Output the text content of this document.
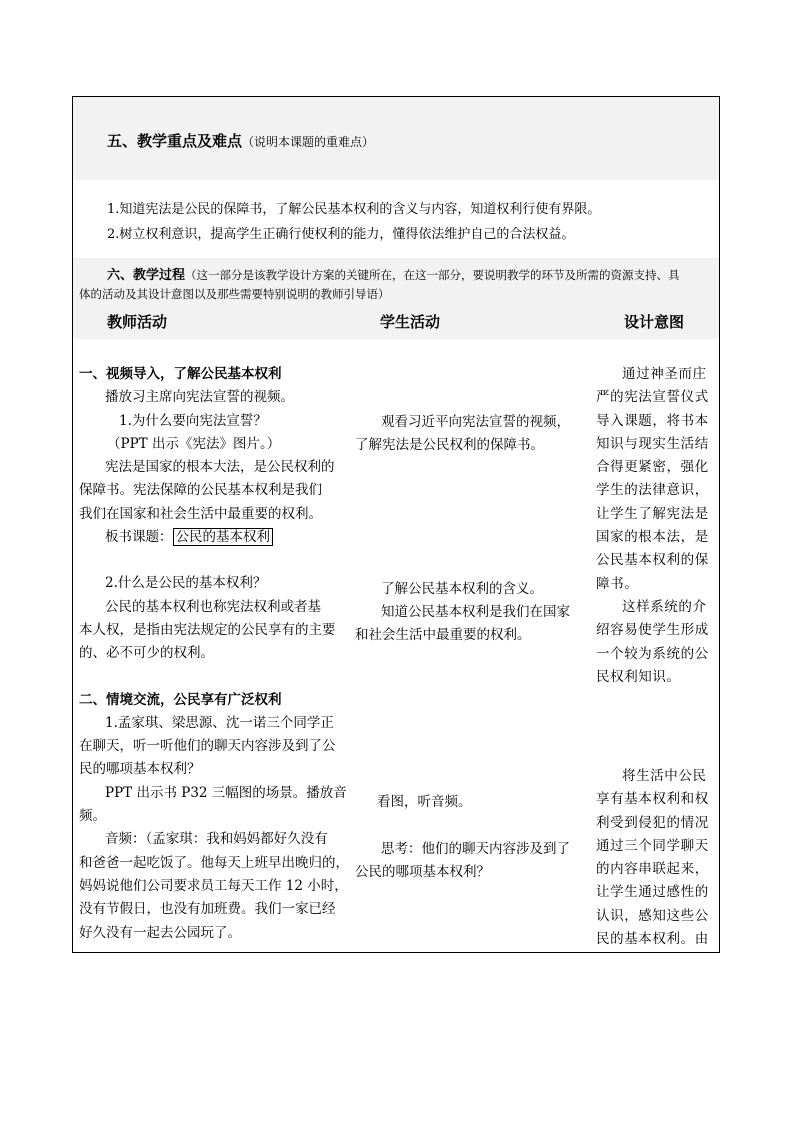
五、教学重点及难点（说明本课题的重难点）
1.知道宪法是公民的保障书，了解公民基本权利的含义与内容，知道权利行使有界限。
2.树立权利意识，提高学生正确行使权利的能力，懂得依法维护自己的合法权益。
六、教学过程（这一部分是该教学设计方案的关键所在，在这一部分，要说明教学的环节及所需的资源支持、具
体的活动及其设计意图以及那些需要特别说明的教师引导语）
教师活动	学生活动	设计意图

一、视频导入，了解公民基本权利

播放习主席向宪法宣誓的视频。

1.为什么要向宪法宣誓？

（PPT 出示《宪法》图片。）

宪法是国家的根本大法，是公民权利的

保障书。宪法保障的公民基本权利是我们

我们在国家和社会生活中最重要的权利。

板书课题： 公民的基本权利

2.什么是公民的基本权利？

公民的基本权利也称宪法权利或者基

本人权，是指由宪法规定的公民享有的主要

的、必不可少的权利。

二、情境交流，公民享有广泛权利

1.孟家琪、梁思源、沈一诺三个同学正

在聊天，听一听他们的聊天内容涉及到了公

民的哪项基本权利？

PPT 出示书 P32 三幅图的场景。播放音

频。

音频：（孟家琪：我和妈妈都好久没有

和爸爸一起吃饭了。他每天上班早出晚归的，

妈妈说他们公司要求员工每天工作 12 小时，

没有节假日，也没有加班费。我们一家已经

好久没有一起去公园玩了。

观看习近平向宪法宣誓的视频，
了解宪法是公民权利的保障书。
了解公民基本权利的含义。
知道公民基本权利是我们在国家
和社会生活中最重要的权利。
看图，听音频。
思考：他们的聊天内容涉及到了
公民的哪项基本权利？

通过神圣而庄

严的宪法宣誓仪式

导入课题，将书本

知识与现实生活结

合得更紧密，强化

学生的法律意识，

让学生了解宪法是

国家的根本法，是

公民基本权利的保

障书。

这样系统的介

绍容易使学生形成

一个较为系统的公

民权利知识。

将生活中公民

享有基本权利和权

利受到侵犯的情况

通过三个同学聊天

的内容串联起来，

让学生通过感性的

认识，感知这些公

民的基本权利。由
